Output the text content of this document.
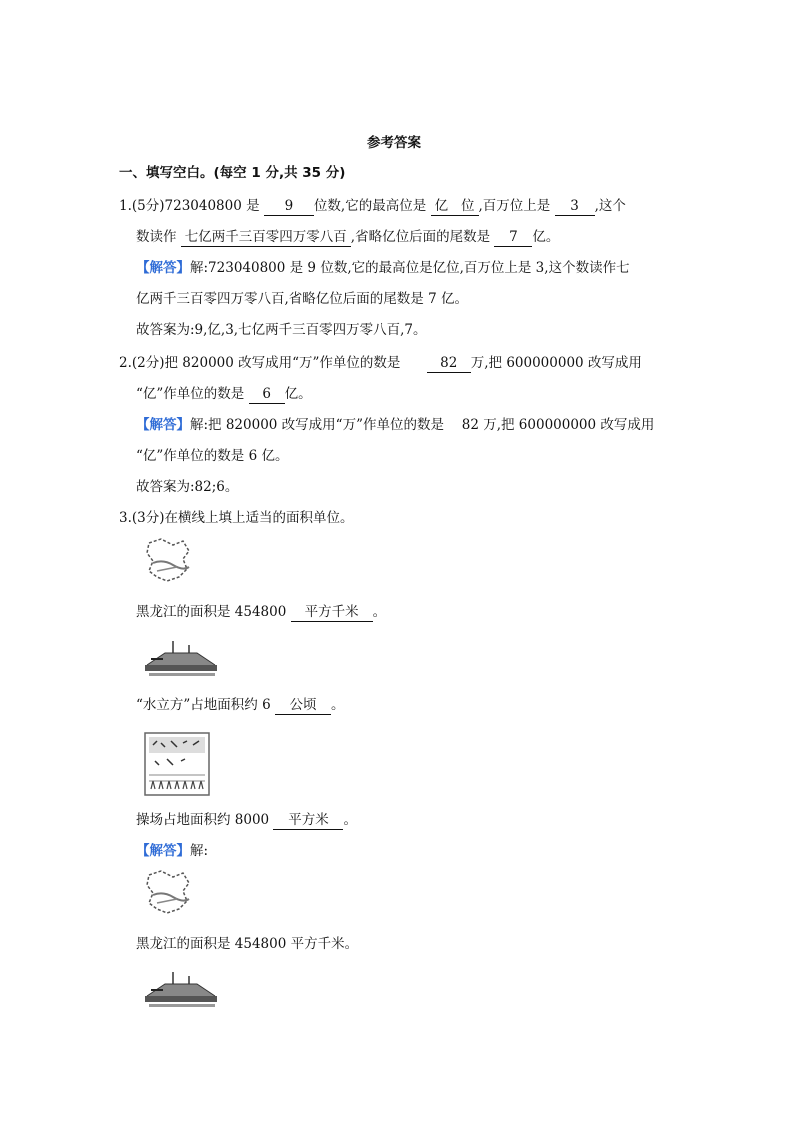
参考答案
一、填写空白。(每空 1 分,共 35 分)
1.(5分)723040800 是 9 位数,它的最高位是 亿 位 ,百万位上是 3 ,这个
数读作 七亿两千三百零四万零八百 ,省略亿位后面的尾数是 7 亿。
【解答】解:723040800 是 9 位数,它的最高位是亿位,百万位上是 3,这个数读作七
亿两千三百零四万零八百,省略亿位后面的尾数是 7 亿。
故答案为:9,亿,3,七亿两千三百零四万零八百,7。
2.(2分)把 820000 改写成用“万”作单位的数是	82 万,把 600000000 改写成用
“亿”作单位的数是 6 亿。
【解答】解:把 820000 改写成用“万”作单位的数是　 82 万,把 600000000 改写成用
“亿”作单位的数是 6 亿。
故答案为:82;6。
3.(3分)在横线上填上适当的面积单位。
黑龙江的面积是 454800 平方千米 。
“水立方”占地面积约 6 公顷 。
操场占地面积约 8000 平方米 。
【解答】解:
黑龙江的面积是 454800 平方千米。
